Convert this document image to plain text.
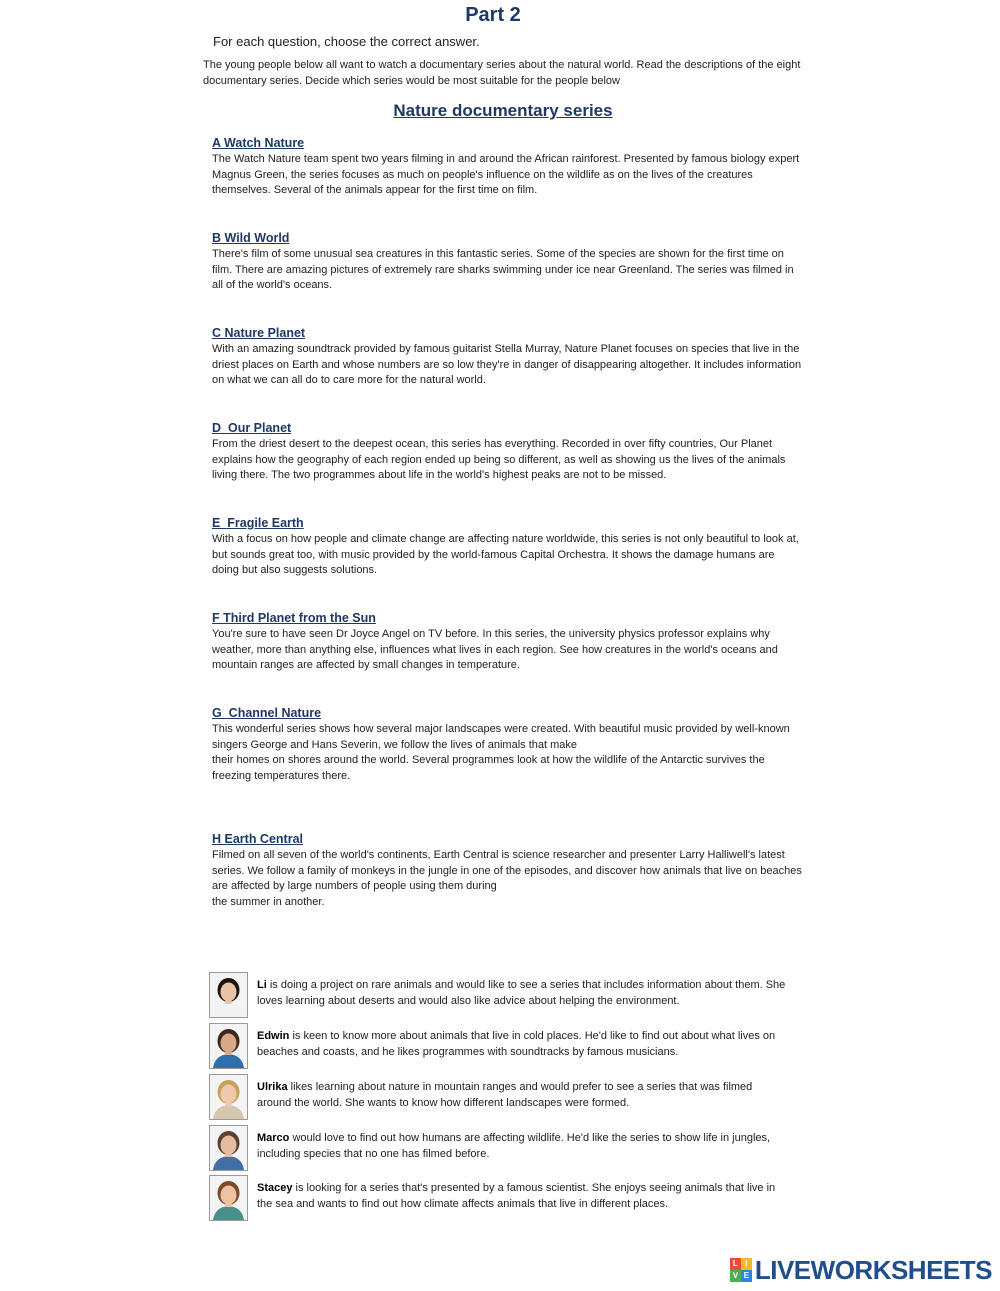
Part 2
For each question, choose the correct answer.
The young people below all want to watch a documentary series about the natural world. Read the descriptions of the eight documentary series. Decide which series would be most suitable for the people below
Nature documentary series
A Watch Nature
The Watch Nature team spent two years filming in and around the African rainforest. Presented by famous biology expert Magnus Green, the series focuses as much on people's influence on the wildlife as on the lives of the creatures themselves. Several of the animals appear for the first time on film.
B Wild World
There's film of some unusual sea creatures in this fantastic series. Some of the species are shown for the first time on film. There are amazing pictures of extremely rare sharks swimming under ice near Greenland. The series was filmed in all of the world's oceans.
C Nature Planet
With an amazing soundtrack provided by famous guitarist Stella Murray, Nature Planet focuses on species that live in the driest places on Earth and whose numbers are so low they're in danger of disappearing altogether. It includes information on what we can all do to care more for the natural world.
D  Our Planet
From the driest desert to the deepest ocean, this series has everything. Recorded in over fifty countries, Our Planet explains how the geography of each region ended up being so different, as well as showing us the lives of the animals living there. The two programmes about life in the world's highest peaks are not to be missed.
E  Fragile Earth
With a focus on how people and climate change are affecting nature worldwide, this series is not only beautiful to look at, but sounds great too, with music provided by the world-famous Capital Orchestra. It shows the damage humans are doing but also suggests solutions.
F Third Planet from the Sun
You're sure to have seen Dr Joyce Angel on TV before. In this series, the university physics professor explains why weather, more than anything else, influences what lives in each region. See how creatures in the world's oceans and mountain ranges are affected by small changes in temperature.
G  Channel Nature
This wonderful series shows how several major landscapes were created. With beautiful music provided by well-known singers George and Hans Severin, we follow the lives of animals that make
their homes on shores around the world. Several programmes look at how the wildlife of the Antarctic survives the freezing temperatures there.
H Earth Central
Filmed on all seven of the world's continents, Earth Central is science researcher and presenter Larry Halliwell's latest series. We follow a family of monkeys in the jungle in one of the episodes, and discover how animals that live on beaches are affected by large numbers of people using them during
the summer in another.
Li is doing a project on rare animals and would like to see a series that includes information about them. She loves learning about deserts and would also like advice about helping the environment.
Edwin is keen to know more about animals that live in cold places. He'd like to find out about what lives on beaches and coasts, and he likes programmes with soundtracks by famous musicians.
Ulrika likes learning about nature in mountain ranges and would prefer to see a series that was filmed around the world. She wants to know how different landscapes were formed.
Marco would love to find out how humans are affecting wildlife. He'd like the series to show life in jungles, including species that no one has filmed before.
Stacey is looking for a series that's presented by a famous scientist. She enjoys seeing animals that live in the sea and wants to find out how climate affects animals that live in different places.
L I
V E LIVEWORKSHEETS
